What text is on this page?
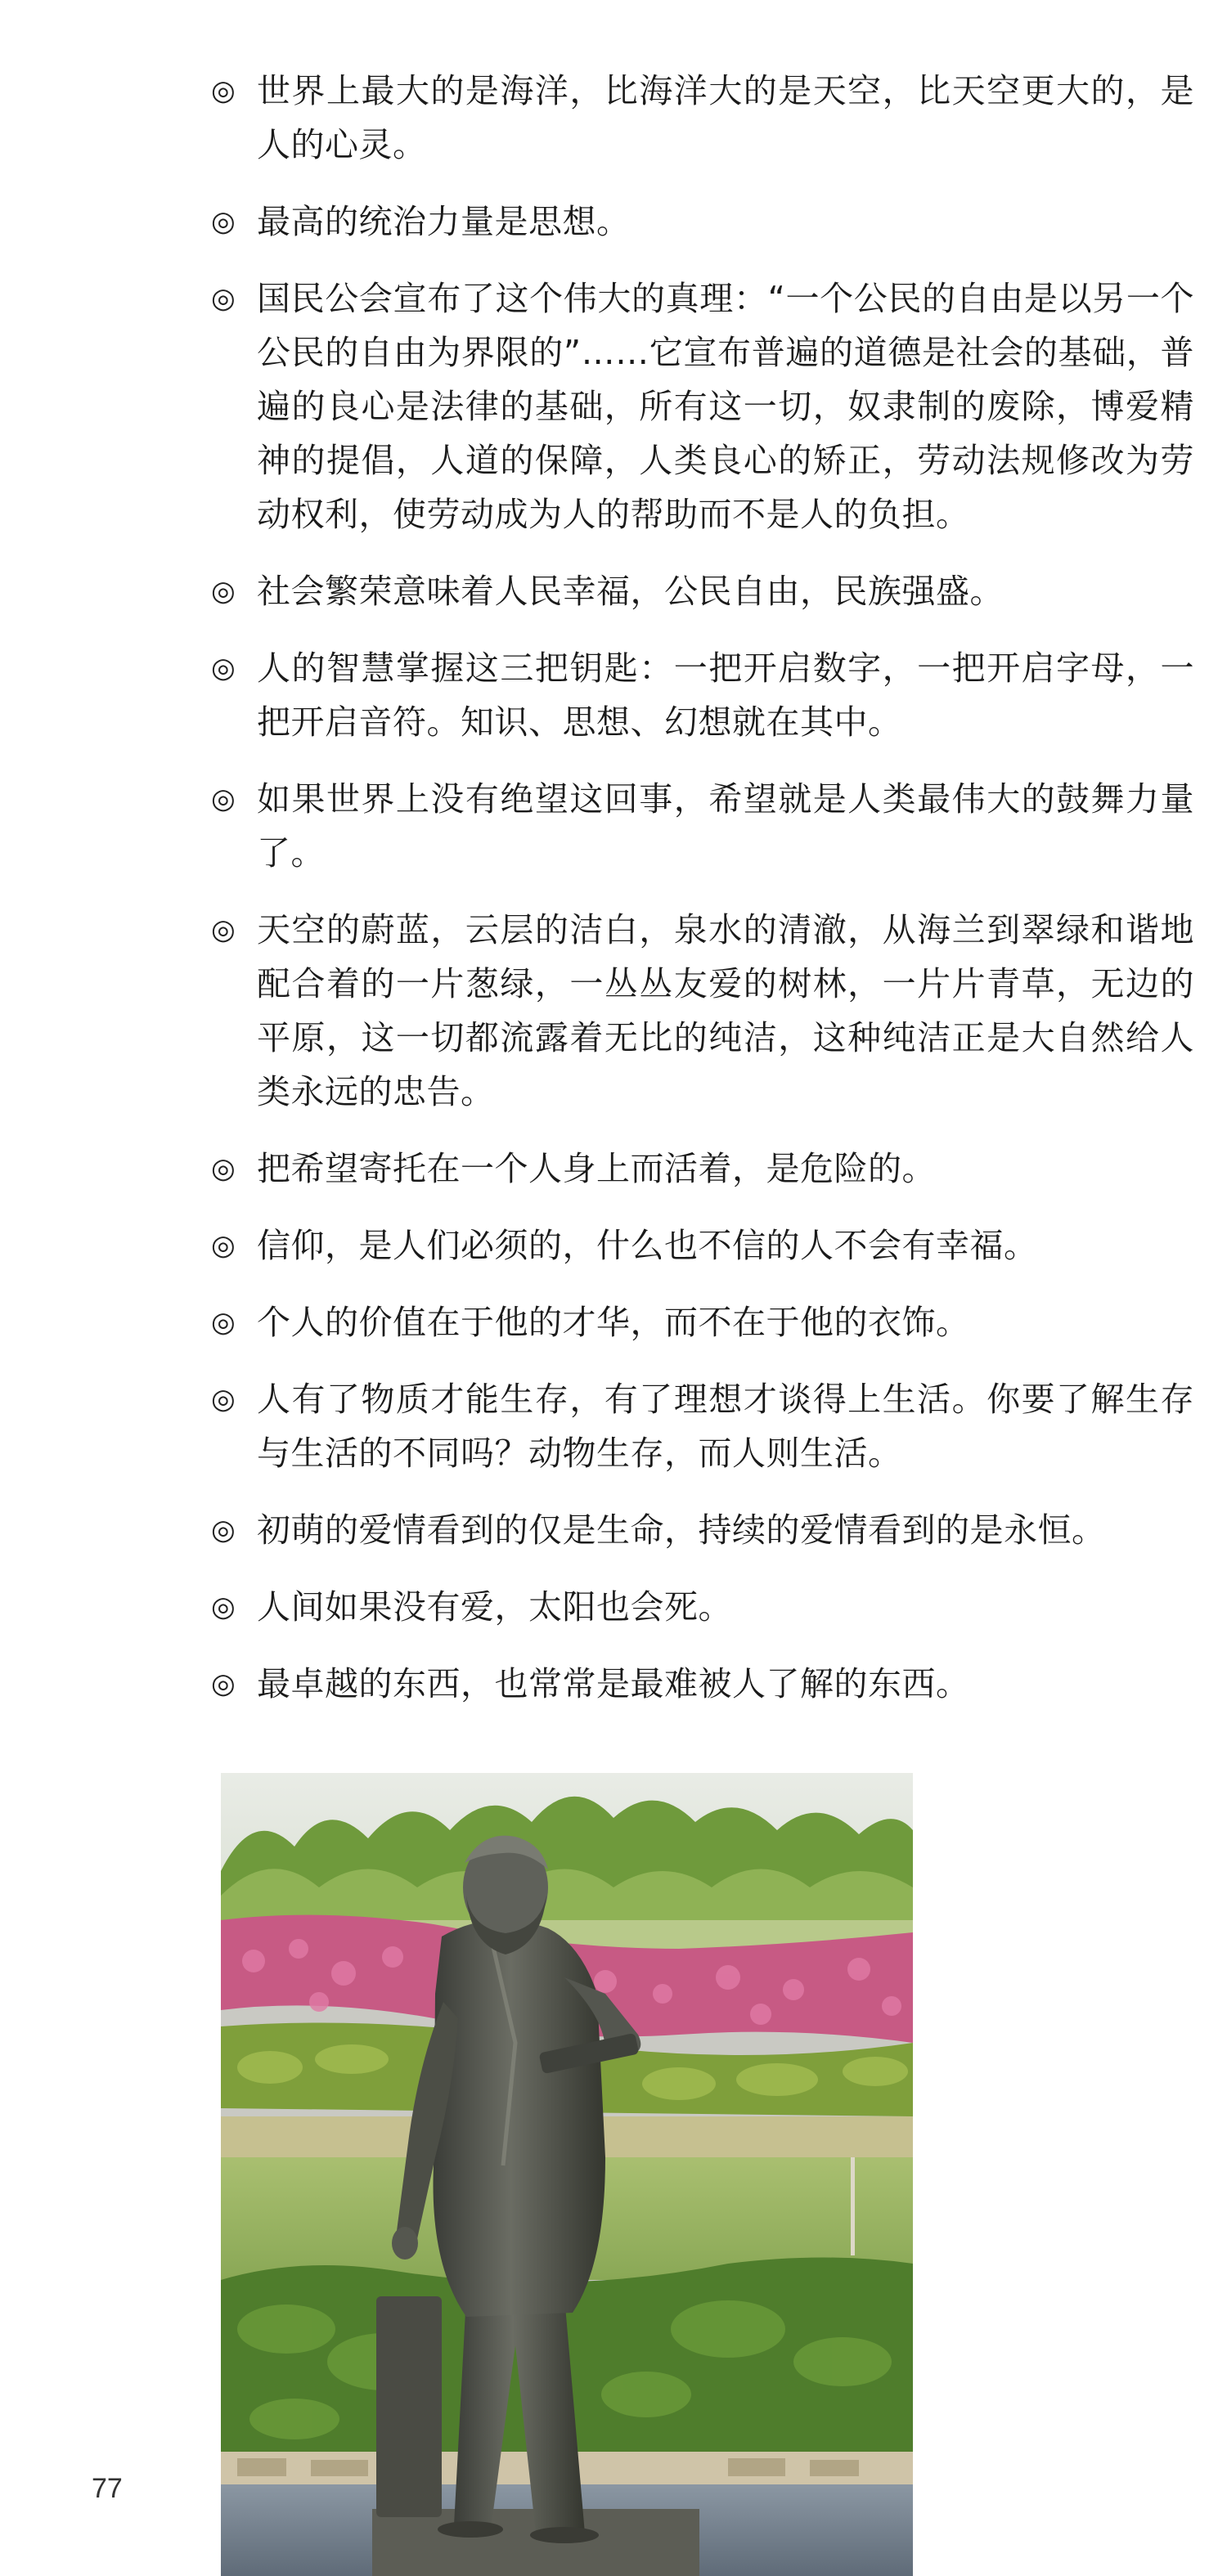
◎ 世界上最大的是海洋，比海洋大的是天空，比天空更大的，是人的心灵。
◎ 最高的统治力量是思想。
◎ 国民公会宣布了这个伟大的真理：“一个公民的自由是以另一个公民的自由为界限的”……它宣布普遍的道德是社会的基础，普遍的良心是法律的基础，所有这一切，奴隶制的废除，博爱精神的提倡，人道的保障，人类良心的矫正，劳动法规修改为劳动权利，使劳动成为人的帮助而不是人的负担。
◎ 社会繁荣意味着人民幸福，公民自由，民族强盛。
◎ 人的智慧掌握这三把钥匙：一把开启数字，一把开启字母，一把开启音符。知识、思想、幻想就在其中。
◎ 如果世界上没有绝望这回事，希望就是人类最伟大的鼓舞力量了。
◎ 天空的蔚蓝，云层的洁白，泉水的清澈，从海兰到翠绿和谐地配合着的一片葱绿，一丛丛友爱的树林，一片片青草，无边的平原，这一切都流露着无比的纯洁，这种纯洁正是大自然给人类永远的忠告。
◎ 把希望寄托在一个人身上而活着，是危险的。
◎ 信仰，是人们必须的，什么也不信的人不会有幸福。
◎ 个人的价值在于他的才华，而不在于他的衣饰。
◎ 人有了物质才能生存，有了理想才谈得上生活。你要了解生存与生活的不同吗？动物生存，而人则生活。
◎ 初萌的爱情看到的仅是生命，持续的爱情看到的是永恒。
◎ 人间如果没有爱，太阳也会死。
◎ 最卓越的东西，也常常是最难被人了解的东西。
77
